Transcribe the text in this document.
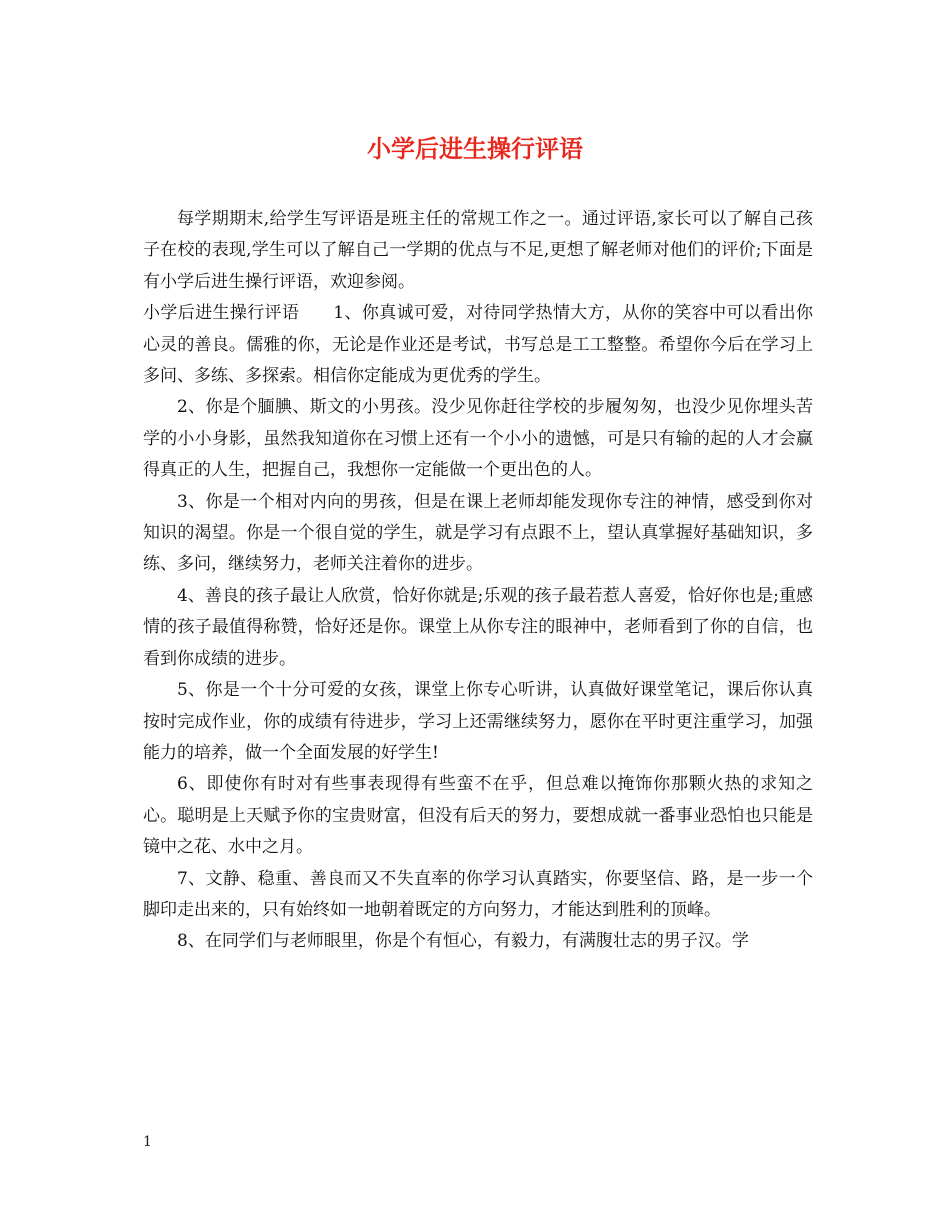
小学后进生操行评语

每学期期末,给学生写评语是班主任的常规工作之一。通过评语,家长可以了解自己孩子在校的表现,学生可以了解自己一学期的优点与不足,更想了解老师对他们的评价;下面是有小学后进生操行评语，欢迎参阅。

小学后进生操行评语 1、你真诚可爱，对待同学热情大方，从你的笑容中可以看出你心灵的善良。儒雅的你，无论是作业还是考试，书写总是工工整整。希望你今后在学习上多问、多练、多探索。相信你定能成为更优秀的学生。

2、你是个腼腆、斯文的小男孩。没少见你赶往学校的步履匆匆，也没少见你埋头苦学的小小身影，虽然我知道你在习惯上还有一个小小的遗憾，可是只有输的起的人才会赢得真正的人生，把握自己，我想你一定能做一个更出色的人。

3、你是一个相对内向的男孩，但是在课上老师却能发现你专注的神情，感受到你对知识的渴望。你是一个很自觉的学生，就是学习有点跟不上，望认真掌握好基础知识，多练、多问，继续努力，老师关注着你的进步。

4、善良的孩子最让人欣赏，恰好你就是;乐观的孩子最若惹人喜爱，恰好你也是;重感情的孩子最值得称赞，恰好还是你。课堂上从你专注的眼神中，老师看到了你的自信，也看到你成绩的进步。

5、你是一个十分可爱的女孩，课堂上你专心听讲，认真做好课堂笔记，课后你认真按时完成作业，你的成绩有待进步，学习上还需继续努力，愿你在平时更注重学习，加强能力的培养，做一个全面发展的好学生!

6、即使你有时对有些事表现得有些蛮不在乎，但总难以掩饰你那颗火热的求知之心。聪明是上天赋予你的宝贵财富，但没有后天的努力，要想成就一番事业恐怕也只能是镜中之花、水中之月。

7、文静、稳重、善良而又不失直率的你学习认真踏实，你要坚信、路，是一步一个脚印走出来的，只有始终如一地朝着既定的方向努力，才能达到胜利的顶峰。

8、在同学们与老师眼里，你是个有恒心，有毅力，有满腹壮志的男子汉。学

1
